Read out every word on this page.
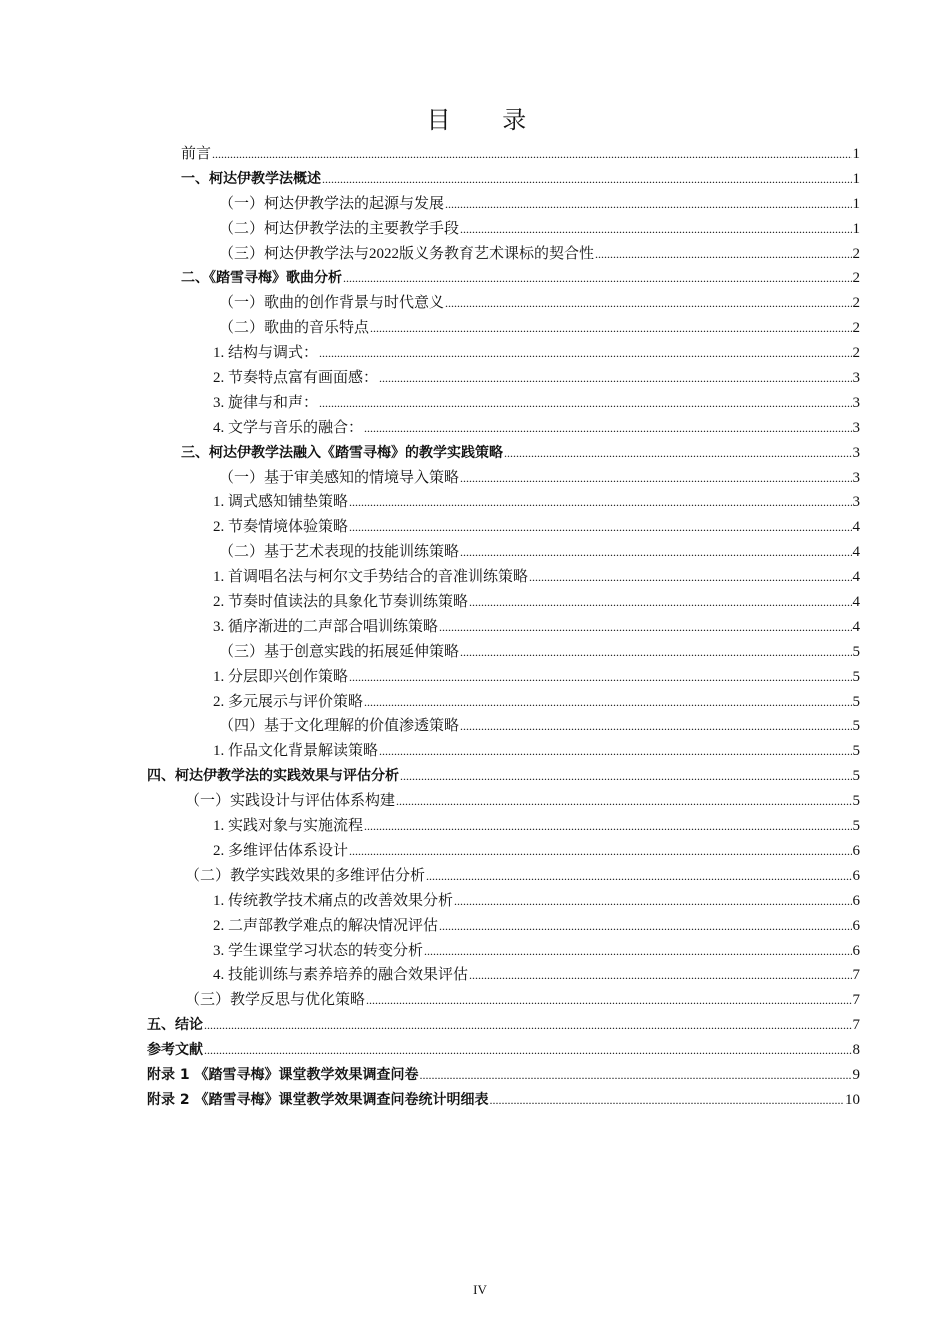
目 录
前言 .....	1
一、柯达伊教学法概述 .....	1
（一）柯达伊教学法的起源与发展 .....	1
（二）柯达伊教学法的主要教学手段 .....	1
（三）柯达伊教学法与2022版义务教育艺术课标的契合性 .....	2
二、《踏雪寻梅》歌曲分析 .....	2
（一）歌曲的创作背景与时代意义 .....	2
（二）歌曲的音乐特点 .....	2
1. 结构与调式： .....	2
2. 节奏特点富有画面感： .....	3
3. 旋律与和声： .....	3
4. 文学与音乐的融合： .....	3
三、柯达伊教学法融入《踏雪寻梅》的教学实践策略 .....	3
（一）基于审美感知的情境导入策略 .....	3
1. 调式感知铺垫策略 .....	3
2. 节奏情境体验策略 .....	4
（二）基于艺术表现的技能训练策略 .....	4
1. 首调唱名法与柯尔文手势结合的音准训练策略 .....	4
2. 节奏时值读法的具象化节奏训练策略 .....	4
3. 循序渐进的二声部合唱训练策略 .....	4
（三）基于创意实践的拓展延伸策略 .....	5
1. 分层即兴创作策略 .....	5
2. 多元展示与评价策略 .....	5
（四）基于文化理解的价值渗透策略 .....	5
1. 作品文化背景解读策略 .....	5
四、柯达伊教学法的实践效果与评估分析 .....	5
（一）实践设计与评估体系构建 .....	5
1. 实践对象与实施流程 .....	5
2. 多维评估体系设计 .....	6
（二）教学实践效果的多维评估分析 .....	6
1. 传统教学技术痛点的改善效果分析 .....	6
2. 二声部教学难点的解决情况评估 .....	6
3. 学生课堂学习状态的转变分析 .....	6
4. 技能训练与素养培养的融合效果评估 .....	7
（三）教学反思与优化策略 .....	7
五、结论 .....	7
参考文献 .....	8
附录 1 《踏雪寻梅》课堂教学效果调查问卷 .....	9
附录 2 《踏雪寻梅》课堂教学效果调查问卷统计明细表 .....	10
IV
